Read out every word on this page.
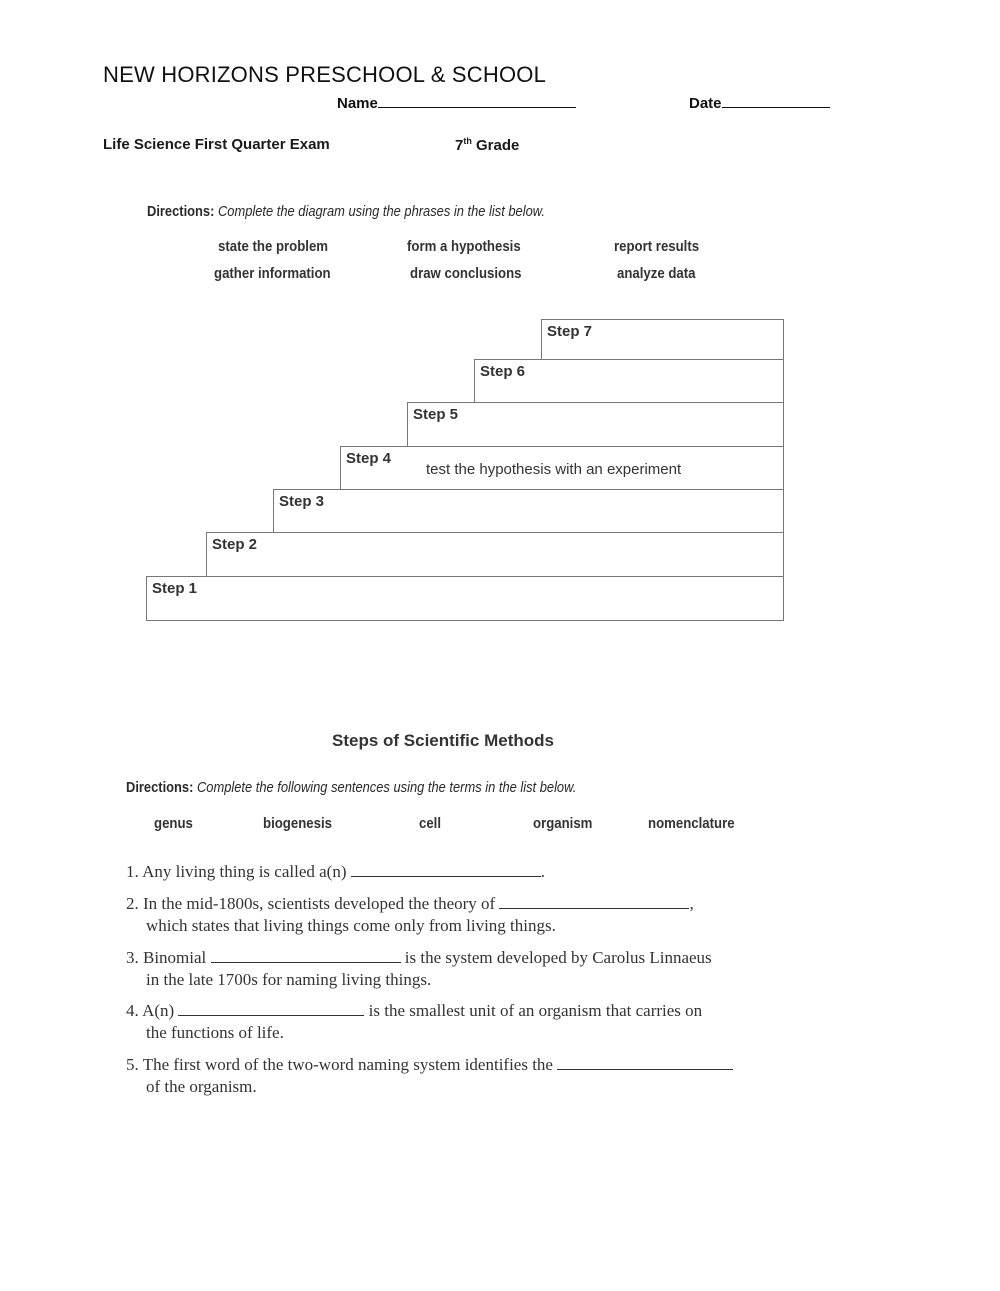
NEW HORIZONS PRESCHOOL & SCHOOL
Name	Date
Life Science First Quarter Exam	7th Grade
Directions: Complete the diagram using the phrases in the list below.
state the problem	form a hypothesis	report results
gather information	draw conclusions	analyze data
Step 7
Step 6
Step 5
Step 4
test the hypothesis with an experiment
Step 3
Step 2
Step 1
Steps of Scientific Methods
Directions: Complete the following sentences using the terms in the list below.
genus	biogenesis	cell	organism	nomenclature
1. Any living thing is called a(n)	.
2. In the mid-1800s, scientists developed the theory of	,
which states that living things come only from living things.
3. Binomial	is the system developed by Carolus Linnaeus
in the late 1700s for naming living things.
4. A(n)	is the smallest unit of an organism that carries on
the functions of life.
5. The first word of the two-word naming system identifies the
of the organism.
